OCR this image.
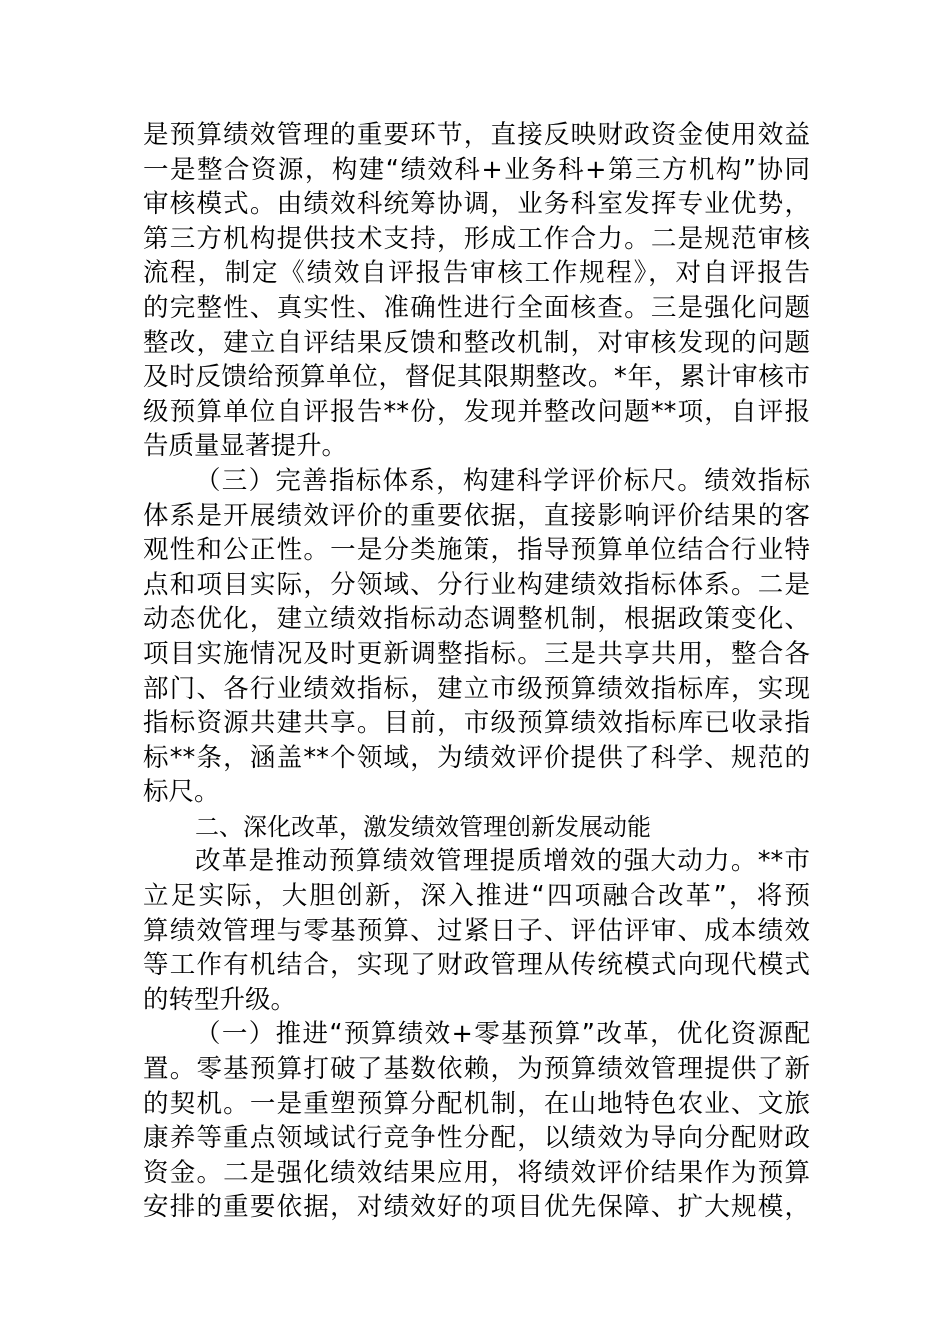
是预算绩效管理的重要环节，直接反映财政资金使用效益
一是整合资源，构建“绩效科+业务科+第三方机构”协同
审核模式。由绩效科统筹协调，业务科室发挥专业优势，
第三方机构提供技术支持，形成工作合力。二是规范审核
流程，制定《绩效自评报告审核工作规程》，对自评报告
的完整性、真实性、准确性进行全面核查。三是强化问题
整改，建立自评结果反馈和整改机制，对审核发现的问题
及时反馈给预算单位，督促其限期整改。*年，累计审核市
级预算单位自评报告**份，发现并整改问题**项，自评报
告质量显著提升。
（三）完善指标体系，构建科学评价标尺。绩效指标
体系是开展绩效评价的重要依据，直接影响评价结果的客
观性和公正性。一是分类施策，指导预算单位结合行业特
点和项目实际，分领域、分行业构建绩效指标体系。二是
动态优化，建立绩效指标动态调整机制，根据政策变化、
项目实施情况及时更新调整指标。三是共享共用，整合各
部门、各行业绩效指标，建立市级预算绩效指标库，实现
指标资源共建共享。目前，市级预算绩效指标库已收录指
标**条，涵盖**个领域，为绩效评价提供了科学、规范的
标尺。
二、深化改革，激发绩效管理创新发展动能
改革是推动预算绩效管理提质增效的强大动力。**市
立足实际，大胆创新，深入推进“四项融合改革”，将预
算绩效管理与零基预算、过紧日子、评估评审、成本绩效
等工作有机结合，实现了财政管理从传统模式向现代模式
的转型升级。
（一）推进“预算绩效+零基预算”改革，优化资源配
置。零基预算打破了基数依赖，为预算绩效管理提供了新
的契机。一是重塑预算分配机制，在山地特色农业、文旅
康养等重点领域试行竞争性分配，以绩效为导向分配财政
资金。二是强化绩效结果应用，将绩效评价结果作为预算
安排的重要依据，对绩效好的项目优先保障、扩大规模，
